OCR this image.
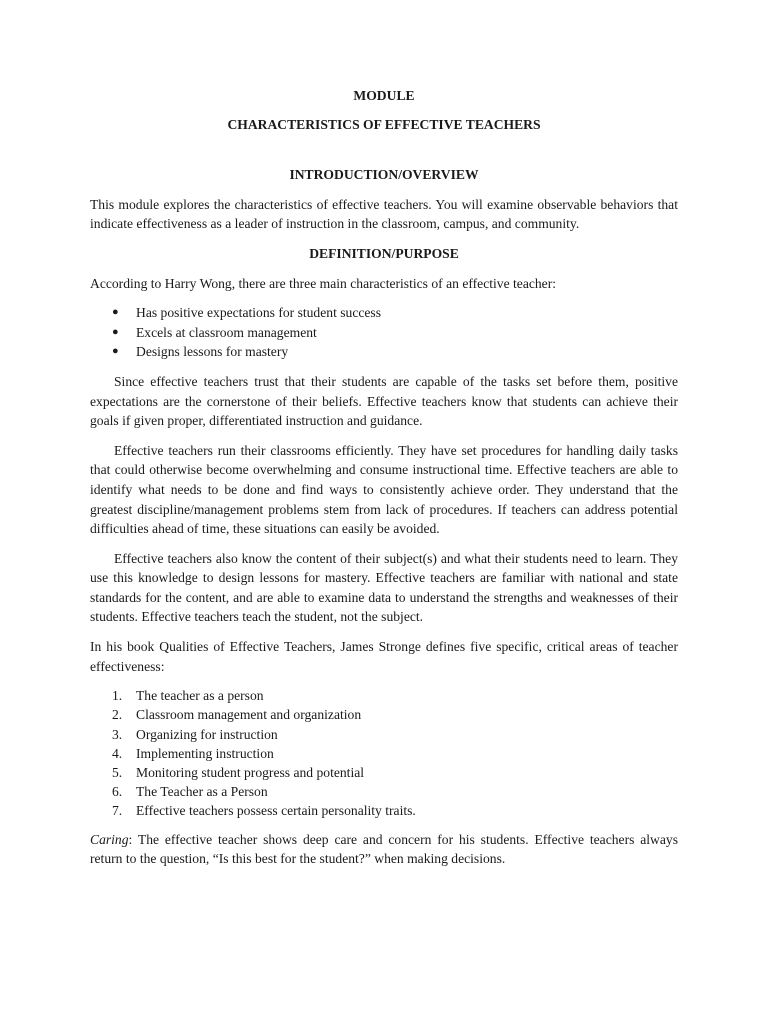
MODULE
CHARACTERISTICS OF EFFECTIVE TEACHERS
INTRODUCTION/OVERVIEW

This module explores the characteristics of effective teachers. You will examine observable behaviors that indicate effectiveness as a leader of instruction in the classroom, campus, and community.

DEFINITION/PURPOSE

According to Harry Wong, there are three main characteristics of an effective teacher:

● Has positive expectations for student success
● Excels at classroom management
● Designs lessons for mastery

Since effective teachers trust that their students are capable of the tasks set before them, positive expectations are the cornerstone of their beliefs. Effective teachers know that students can achieve their goals if given proper, differentiated instruction and guidance.

Effective teachers run their classrooms efficiently. They have set procedures for handling daily tasks that could otherwise become overwhelming and consume instructional time. Effective teachers are able to identify what needs to be done and find ways to consistently achieve order. They understand that the greatest discipline/management problems stem from lack of procedures. If teachers can address potential difficulties ahead of time, these situations can easily be avoided.

Effective teachers also know the content of their subject(s) and what their students need to learn. They use this knowledge to design lessons for mastery. Effective teachers are familiar with national and state standards for the content, and are able to examine data to understand the strengths and weaknesses of their students. Effective teachers teach the student, not the subject.

In his book Qualities of Effective Teachers, James Stronge defines five specific, critical areas of teacher effectiveness:

1. The teacher as a person
2. Classroom management and organization
3. Organizing for instruction
4. Implementing instruction
5. Monitoring student progress and potential
6. The Teacher as a Person
7. Effective teachers possess certain personality traits.

Caring: The effective teacher shows deep care and concern for his students. Effective teachers always return to the question, “Is this best for the student?” when making decisions.
